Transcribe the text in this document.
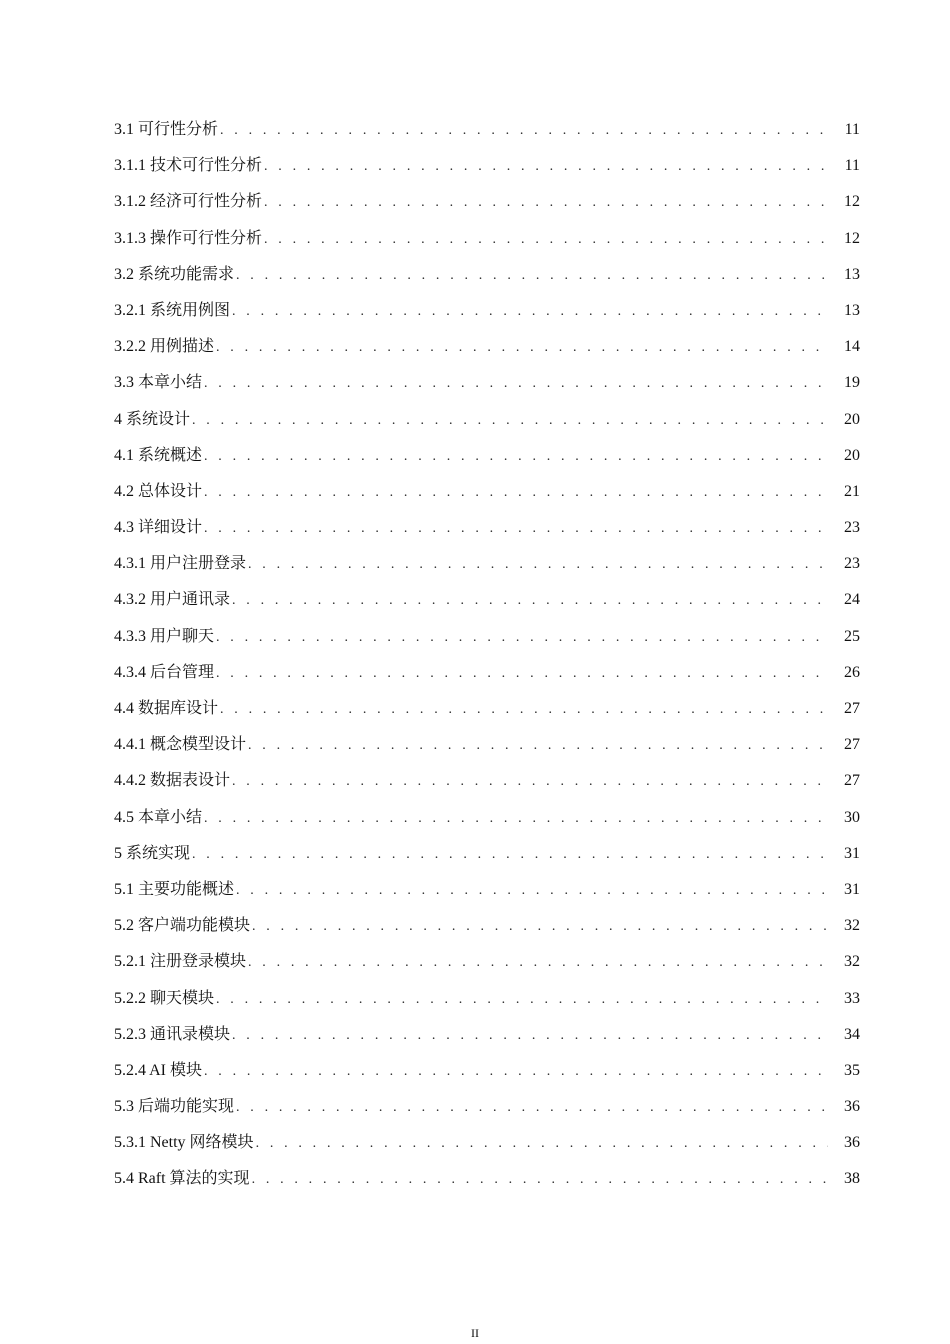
3.1 可行性分析 . . .	11
3.1.1 技术可行性分析 . . .	11
3.1.2 经济可行性分析 . . .	12
3.1.3 操作可行性分析 . . .	12
3.2 系统功能需求 . . .	13
3.2.1 系统用例图 . . .	13
3.2.2 用例描述 . . .	14
3.3 本章小结 . . .	19
4 系统设计 . . .	20
4.1 系统概述 . . .	20
4.2 总体设计 . . .	21
4.3 详细设计 . . .	23
4.3.1 用户注册登录 . . .	23
4.3.2 用户通讯录 . . .	24
4.3.3 用户聊天 . . .	25
4.3.4 后台管理 . . .	26
4.4 数据库设计 . . .	27
4.4.1 概念模型设计 . . .	27
4.4.2 数据表设计 . . .	27
4.5 本章小结 . . .	30
5 系统实现 . . .	31
5.1 主要功能概述 . . .	31
5.2 客户端功能模块 . . .	32
5.2.1 注册登录模块 . . .	32
5.2.2 聊天模块 . . .	33
5.2.3 通讯录模块 . . .	34
5.2.4 AI 模块 . . .	35
5.3 后端功能实现 . . .	36
5.3.1 Netty 网络模块 . . .	36
5.4 Raft 算法的实现 . . .	38
II
